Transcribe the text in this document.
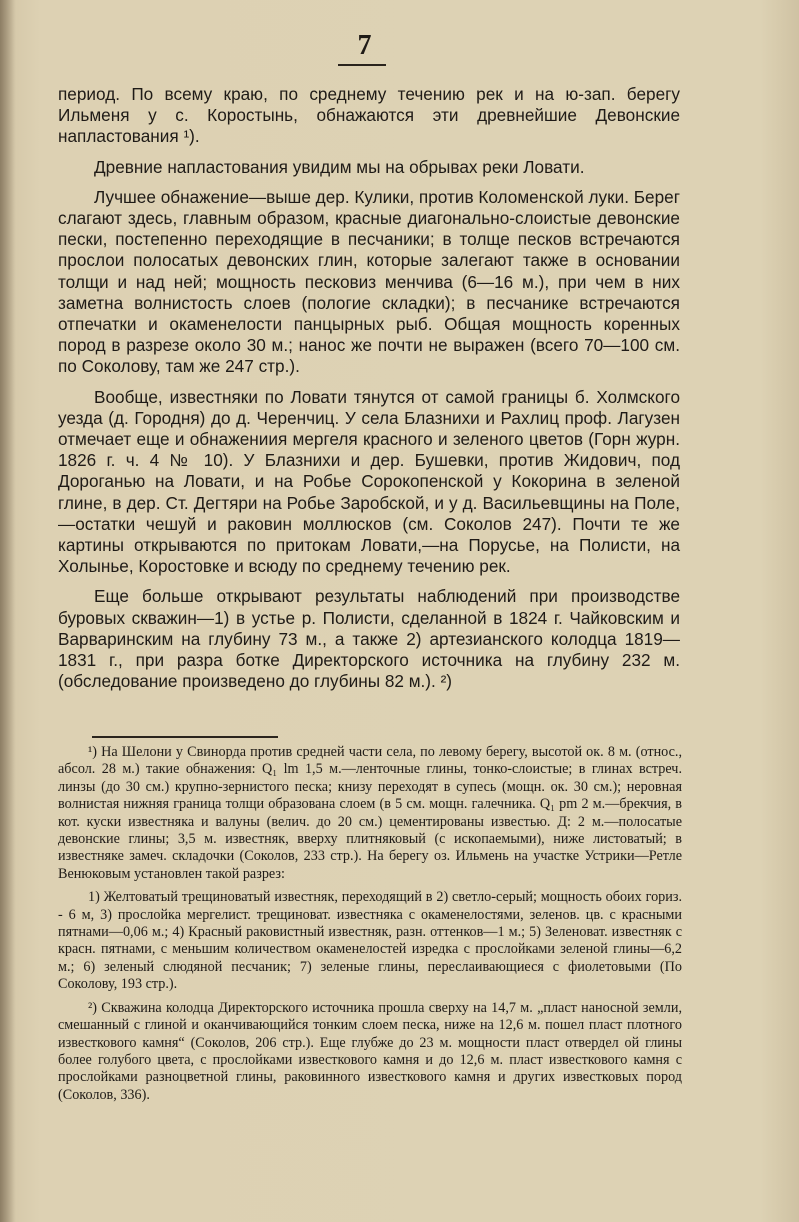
7

период. По всему краю, по среднему течению рек и на ю-зап. берегу Ильменя у с. Коростынь, обнажаются эти древнейшие Девонские напластования ¹).

Древние напластования увидим мы на обрывах реки Ловати.

Лучшее обнажение—выше дер. Кулики, против Коломенской луки. Берег слагают здесь, главным образом, красные диагонально-слоистые девонские пески, постепенно переходящие в песчаники; в толще песков встречаются прослои полосатых девонских глин, которые залегают также в основании толщи и над ней; мощность песковиз менчива (6—16 м.), при чем в них заметна волнистость слоев (пологие складки); в песчанике встречаются отпечатки и окаменелости панцырных рыб. Общая мощность коренных пород в разрезе около 30 м.; нанос же почти не выражен (всего 70—100 см. по Соколову, там же 247 стр.).

Вообще, известняки по Ловати тянутся от самой границы б. Холмского уезда (д. Городня) до д. Черенчиц. У села Блазнихи и Рахлиц проф. Лагузен отмечает еще и обнажениия мергеля красного и зеленого цветов (Горн журн. 1826 г. ч. 4 № 10). У Блазнихи и дер. Бушевки, против Жидович, под Дороганью на Ловати, и на Робье Сорокопенской у Кокорина в зеленой глине, в дер. Ст. Дегтяри на Робье Заробской, и у д. Васильевщины на Поле,—остатки чешуй и раковин моллюсков (см. Соколов 247). Почти те же картины открываются по притокам Ловати,—на Порусье, на Полисти, на Холынье, Коростовке и всюду по среднему течению рек.

Еще больше открывают результаты наблюдений при производстве буровых скважин—1) в устье р. Полисти, сделанной в 1824 г. Чайковским и Варваринским на глубину 73 м., а также 2) артезианского колодца 1819—1831 г., при разра ботке Директорского источника на глубину 232 м. (обследование произведено до глубины 82 м.). ²)

¹) На Шелони у Свинорда против средней части села, по левому берегу, высотой ок. 8 м. (относ., абсол. 28 м.) такие обнажения: Q₁ lm 1,5 м.—ленточные глины, тонко-слоистые; в глинах встреч. линзы (до 30 см.) крупно-зернистого песка; книзу переходят в супесь (мощн. ок. 30 см.); неровная волнистая нижняя граница толщи образована слоем (в 5 см. мощн. галечника. Q₁ pm 2 м.—брекчия, в кот. куски известняка и валуны (велич. до 20 см.) цементированы известью. Д: 2 м.—полосатые девонские глины; 3,5 м. известняк, вверху плитняковый (с ископаемыми), ниже листоватый; в известняке замеч. складочки (Соколов, 233 стр.). На берегу оз. Ильмень на участке Устрики—Ретле Венюковым установлен такой разрез:

1) Желтоватый трещиноватый известняк, переходящий в 2) светло-серый; мощность обоих гориз. - 6 м, 3) прослойка мергелист. трещиноват. известняка с окаменелостями, зеленов. цв. с красными пятнами—0,06 м.; 4) Красный раковистный известняк, разн. оттенков—1 м.; 5) Зеленоват. известняк с красн. пятнами, с меньшим количеством окаменелостей изредка с прослойками зеленой глины—6,2 м.; 6) зеленый слюдяной песчаник; 7) зеленые глины, переслаивающиеся с фиолетовыми (По Соколову, 193 стр.).

²) Скважина колодца Директорского источника прошла сверху на 14,7 м. „пласт наносной земли, смешанный с глиной и оканчивающийся тонким слоем песка, ниже на 12,6 м. пошел пласт плотного известкового камня“ (Соколов, 206 стр.). Еще глубже до 23 м. мощности пласт отвердел ой глины более голубого цвета, с прослойками известкового камня и до 12,6 м. пласт известкового камня с прослойками разноцветной глины, раковинного известкового камня и других известковых пород (Соколов, 336).
